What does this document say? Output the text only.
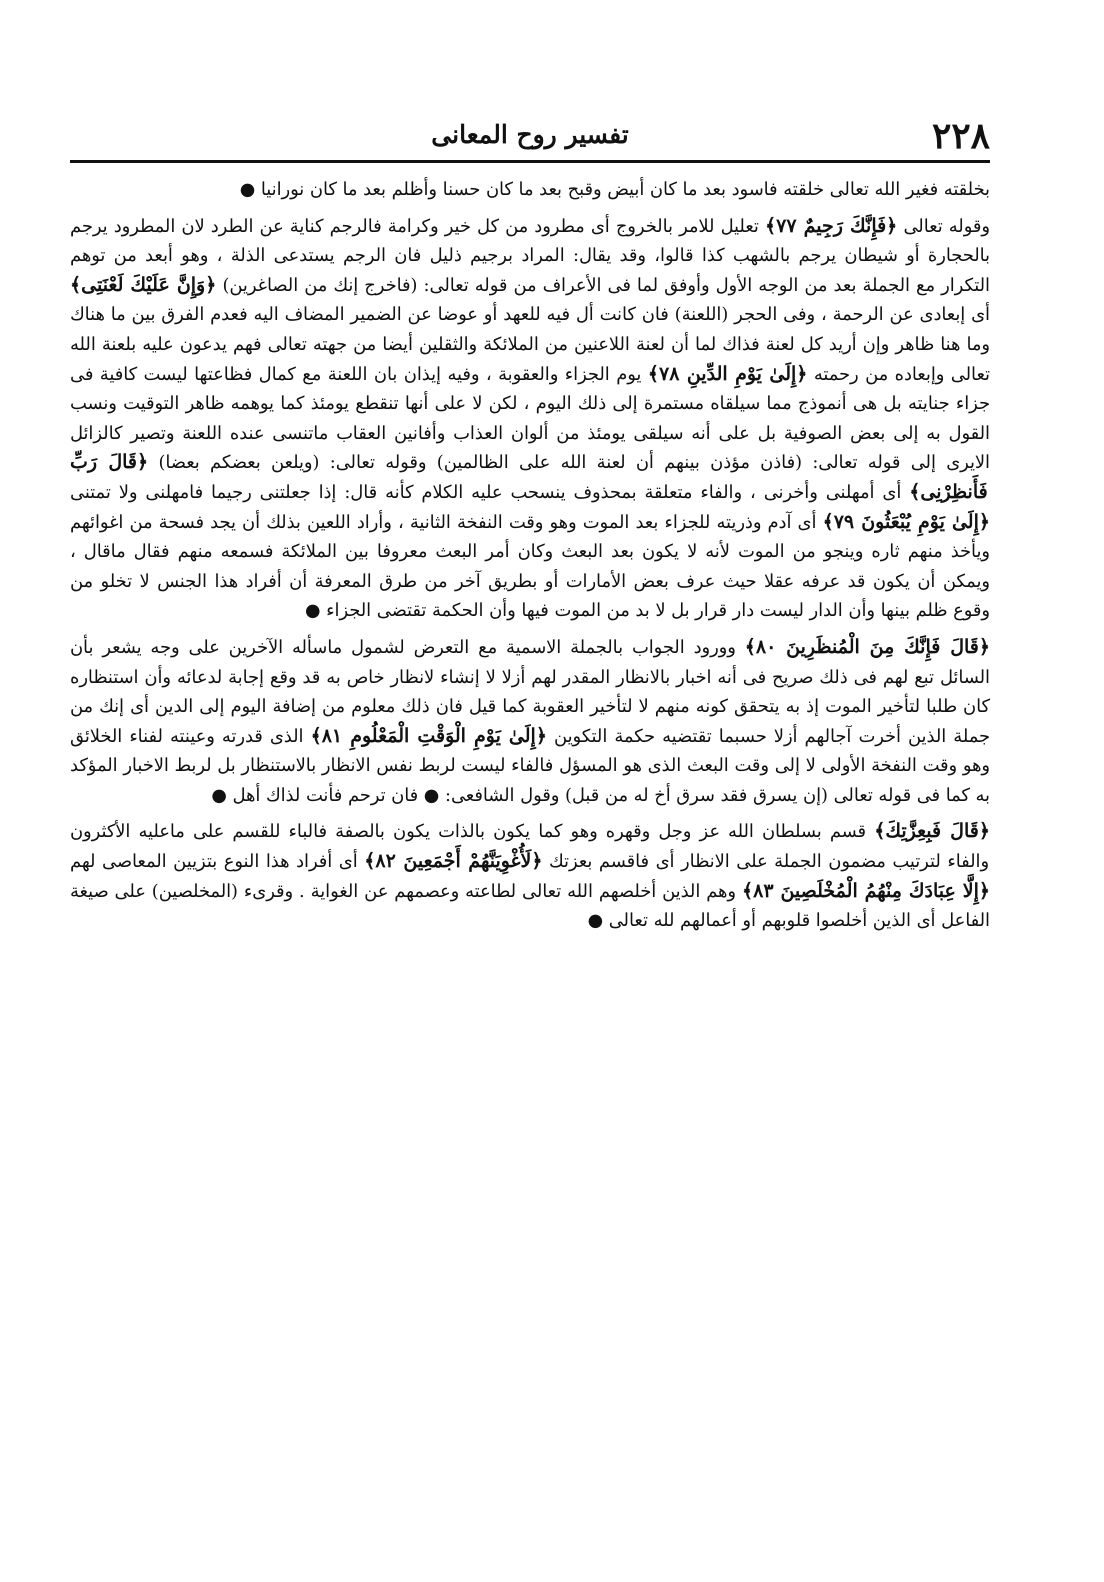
٢٢٨

تفسير روح المعانى

بخلقته فغير الله تعالى خلقته فاسود بعد ما كان أبيض وقبح بعد ما كان حسنا وأظلم بعد ما كان نورانيا ●

وقوله تعالى ﴿فَإِنَّكَ رَجِيمٌ ٧٧﴾ تعليل للامر بالخروج أى مطرود من كل خير وكرامة فالرجم كناية عن الطرد لان المطرود يرجم بالحجارة أو شيطان يرجم بالشهب كذا قالوا، وقد يقال: المراد برجيم ذليل فان الرجم يستدعى الذلة ، وهو أبعد من توهم التكرار مع الجملة بعد من الوجه الأول وأوفق لما فى الأعراف من قوله تعالى: (فاخرج إنك من الصاغرين) ﴿وَإِنَّ عَلَيْكَ لَعْنَتِى﴾ أى إبعادى عن الرحمة ، وفى الحجر (اللعنة) فان كانت أل فيه للعهد أو عوضا عن الضمير المضاف اليه فعدم الفرق بين ما هناك وما هنا ظاهر وإن أريد كل لعنة فذاك لما أن لعنة اللاعنين من الملائكة والثقلين أيضا من جهته تعالى فهم يدعون عليه بلعنة الله تعالى وإبعاده من رحمته ﴿إِلَىٰ يَوْمِ الدِّينِ ٧٨﴾ يوم الجزاء والعقوبة ، وفيه إيذان بان اللعنة مع كمال فظاعتها ليست كافية فى جزاء جنايته بل هى أنموذج مما سيلقاه مستمرة إلى ذلك اليوم ، لكن لا على أنها تنقطع يومئذ كما يوهمه ظاهر التوقيت ونسب القول به إلى بعض الصوفية بل على أنه سيلقى يومئذ من ألوان العذاب وأفانين العقاب ماتنسى عنده اللعنة وتصير كالزائل الايرى إلى قوله تعالى: (فاذن مؤذن بينهم أن لعنة الله على الظالمين) وقوله تعالى: (ويلعن بعضكم بعضا) ﴿قَالَ رَبِّ فَأَنظِرْنِى﴾ أى أمهلنى وأخرنى ، والفاء متعلقة بمحذوف ينسحب عليه الكلام كأنه قال: إذا جعلتنى رجيما فامهلنى ولا تمتنى ﴿إِلَىٰ يَوْمِ يُبْعَثُونَ ٧٩﴾ أى آدم وذريته للجزاء بعد الموت وهو وقت النفخة الثانية ، وأراد اللعين بذلك أن يجد فسحة من اغوائهم ويأخذ منهم ثاره وينجو من الموت لأنه لا يكون بعد البعث وكان أمر البعث معروفا بين الملائكة فسمعه منهم فقال ماقال ، ويمكن أن يكون قد عرفه عقلا حيث عرف بعض الأمارات أو بطريق آخر من طرق المعرفة أن أفراد هذا الجنس لا تخلو من وقوع ظلم بينها وأن الدار ليست دار قرار بل لا بد من الموت فيها وأن الحكمة تقتضى الجزاء ●

﴿قَالَ فَإِنَّكَ مِنَ الْمُنظَرِينَ ٨٠﴾ وورود الجواب بالجملة الاسمية مع التعرض لشمول ماسأله الآخرين على وجه يشعر بأن السائل تبع لهم فى ذلك صريح فى أنه اخبار بالانظار المقدر لهم أزلا لا إنشاء لانظار خاص به قد وقع إجابة لدعائه وأن استنظاره كان طلبا لتأخير الموت إذ به يتحقق كونه منهم لا لتأخير العقوبة كما قيل فان ذلك معلوم من إضافة اليوم إلى الدين أى إنك من جملة الذين أخرت آجالهم أزلا حسبما تقتضيه حكمة التكوين ﴿إِلَىٰ يَوْمِ الْوَقْتِ الْمَعْلُومِ ٨١﴾ الذى قدرته وعينته لفناء الخلائق وهو وقت النفخة الأولى لا إلى وقت البعث الذى هو المسؤل فالفاء ليست لربط نفس الانظار بالاستنظار بل لربط الاخبار المؤكد به كما فى قوله تعالى (إن يسرق فقد سرق أخ له من قبل) وقول الشافعى: ● فان ترحم فأنت لذاك أهل ●

﴿قَالَ فَبِعِزَّتِكَ﴾ قسم بسلطان الله عز وجل وقهره وهو كما يكون بالذات يكون بالصفة فالباء للقسم على ماعليه الأكثرون والفاء لترتيب مضمون الجملة على الانظار أى فاقسم بعزتك ﴿لَأُغْوِيَنَّهُمْ أَجْمَعِينَ ٨٢﴾ أى أفراد هذا النوع بتزيين المعاصى لهم ﴿إِلَّا عِبَادَكَ مِنْهُمُ الْمُخْلَصِينَ ٨٣﴾ وهم الذين أخلصهم الله تعالى لطاعته وعصمهم عن الغواية . وقرىء (المخلصين) على صيغة الفاعل أى الذين أخلصوا قلوبهم أو أعمالهم لله تعالى ●
